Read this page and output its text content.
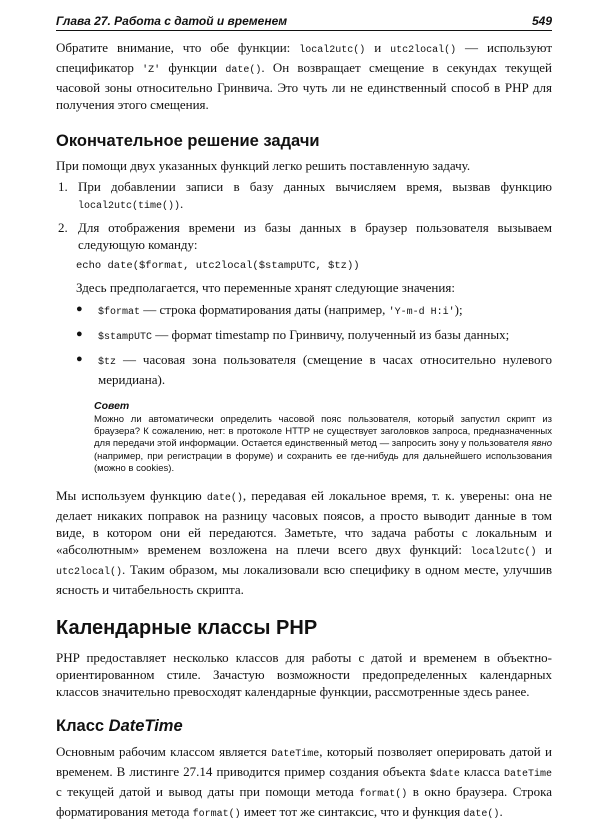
Глава 27. Работа с датой и временем	549

Обратите внимание, что обе функции: local2utc() и utc2local() — используют спецификатор 'Z' функции date(). Он возвращает смещение в секундах текущей часовой зоны относительно Гринвича. Это чуть ли не единственный способ в PHP для получения этого смещения.

Окончательное решение задачи

При помощи двух указанных функций легко решить поставленную задачу.

1. При добавлении записи в базу данных вычисляем время, вызвав функцию local2utc(time()).
2. Для отображения времени из базы данных в браузер пользователя вызываем следующую команду:
echo date($format, utc2local($stampUTC, $tz))

Здесь предполагается, что переменные хранят следующие значения:

●	$format — строка форматирования даты (например, 'Y-m-d H:i');
●	$stampUTC — формат timestamp по Гринвичу, полученный из базы данных;
●	$tz — часовая зона пользователя (смещение в часах относительно нулевого меридиана).
Совет
Можно ли автоматически определить часовой пояс пользователя, который запустил скрипт из браузера? К сожалению, нет: в протоколе HTTP не существует заголовков запроса, предназначенных для передачи этой информации. Остается единственный метод — запросить зону у пользователя явно (например, при регистрации в форуме) и сохранить ее где-нибудь для дальнейшего использования (можно в cookies).

Мы используем функцию date(), передавая ей локальное время, т. к. уверены: она не делает никаких поправок на разницу часовых поясов, а просто выводит данные в том виде, в котором они ей передаются. Заметьте, что задача работы с локальным и «абсолютным» временем возложена на плечи всего двух функций: local2utc() и utc2local(). Таким образом, мы локализовали всю специфику в одном месте, улучшив ясность и читабельность скрипта.

Календарные классы PHP

PHP предоставляет несколько классов для работы с датой и временем в объектно-ориентированном стиле. Зачастую возможности предопределенных календарных классов значительно превосходят календарные функции, рассмотренные здесь ранее.

Класс DateTime

Основным рабочим классом является DateTime, который позволяет оперировать датой и временем. В листинге 27.14 приводится пример создания объекта $date класса DateTime с текущей датой и вывод даты при помощи метода format() в окно браузера. Строка форматирования метода format() имеет тот же синтаксис, что и функция date().
